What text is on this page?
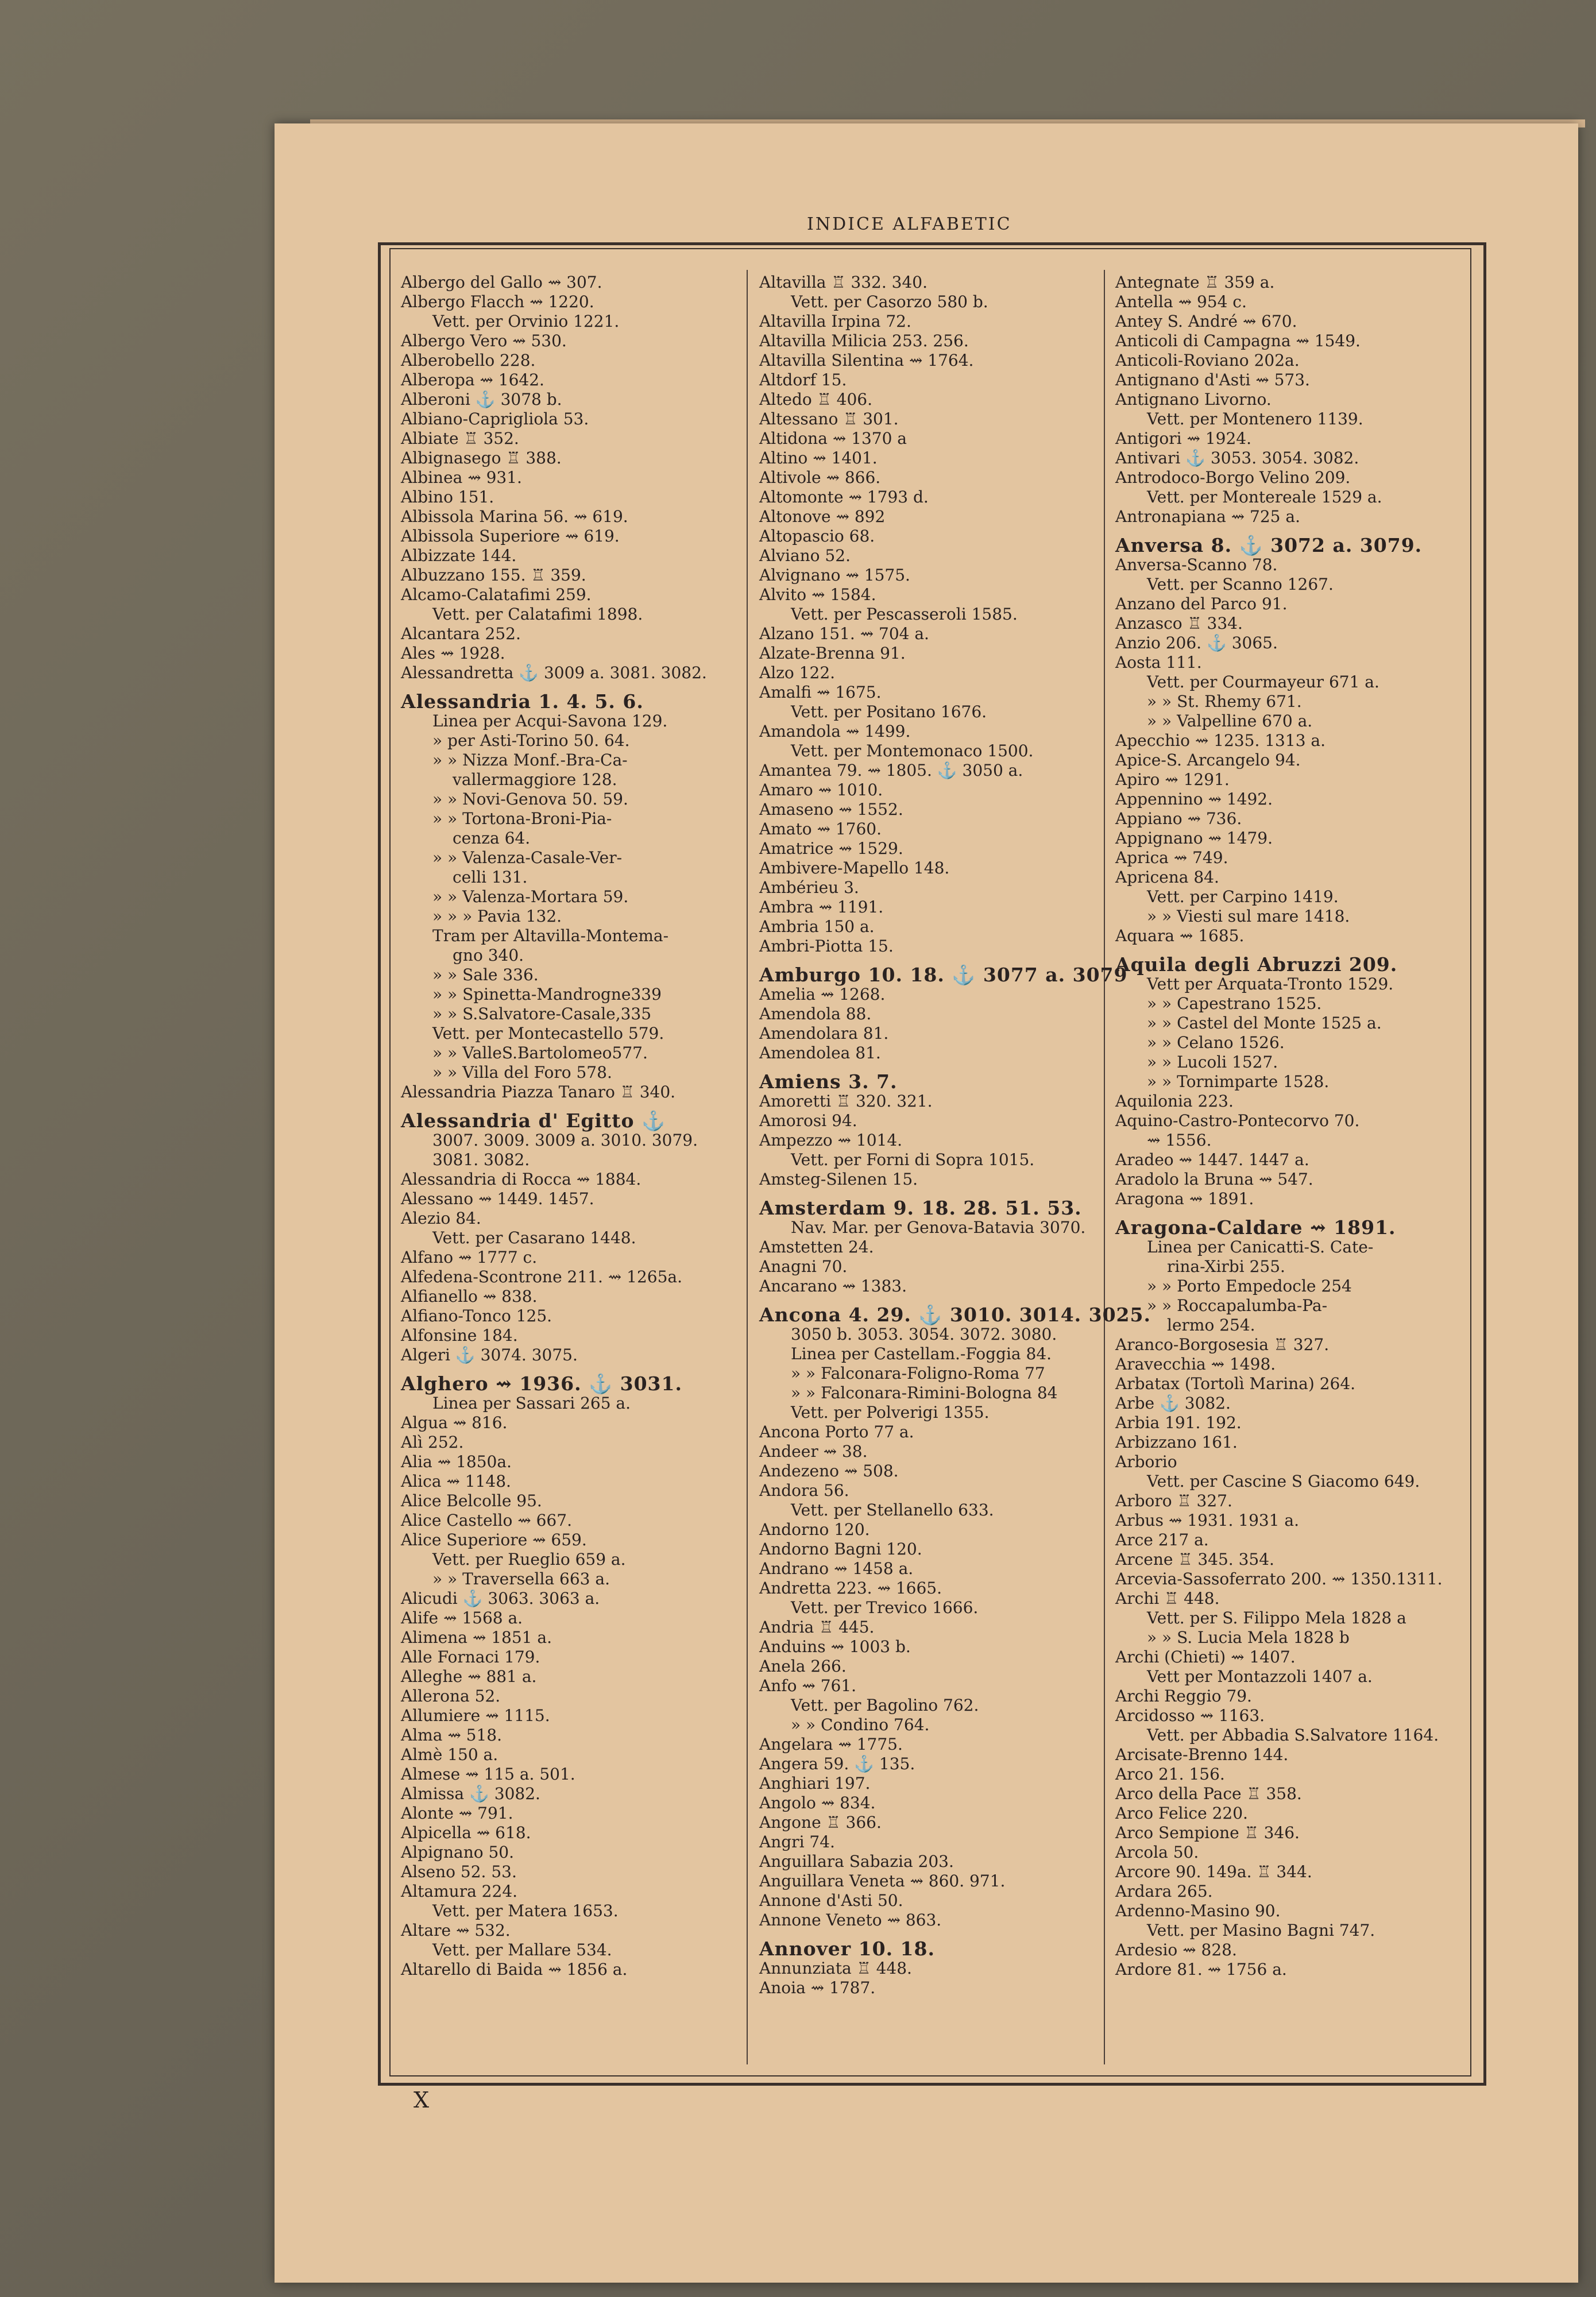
INDICE ALFABETIC
Albergo del Gallo ⇝ 307.
Albergo Flacch ⇝ 1220.
Vett. per Orvinio 1221.
Albergo Vero ⇝ 530.
Alberobello 228.
Alberopa ⇝ 1642.
Alberoni ⚓ 3078 b.
Albiano-Caprigliola 53.
Albiate ♖ 352.
Albignasego ♖ 388.
Albinea ⇝ 931.
Albino 151.
Albissola Marina 56. ⇝ 619.
Albissola Superiore ⇝ 619.
Albizzate 144.
Albuzzano 155. ♖ 359.
Alcamo-Calatafimi 259.
Vett. per Calatafimi 1898.
Alcantara 252.
Ales ⇝ 1928.
Alessandretta ⚓ 3009 a. 3081. 3082.
Alessandria 1. 4. 5. 6.
Linea per Acqui-Savona 129.
» per Asti-Torino 50. 64.
» » Nizza Monf.-Bra-Ca-
vallermaggiore 128.
» » Novi-Genova 50. 59.
» » Tortona-Broni-Pia-
cenza 64.
» » Valenza-Casale-Ver-
celli 131.
» » Valenza-Mortara 59.
» » » Pavia 132.
Tram per Altavilla-Montema-
gno 340.
» » Sale 336.
» » Spinetta-Mandrogne339
» » S.Salvatore-Casale,335
Vett. per Montecastello 579.
» » ValleS.Bartolomeo577.
» » Villa del Foro 578.
Alessandria Piazza Tanaro ♖ 340.
Alessandria d' Egitto ⚓
3007. 3009. 3009 a. 3010. 3079.
3081. 3082.
Alessandria di Rocca ⇝ 1884.
Alessano ⇝ 1449. 1457.
Alezio 84.
Vett. per Casarano 1448.
Alfano ⇝ 1777 c.
Alfedena-Scontrone 211. ⇝ 1265a.
Alfianello ⇝ 838.
Alfiano-Tonco 125.
Alfonsine 184.
Algeri ⚓ 3074. 3075.
Alghero ⇝ 1936. ⚓ 3031.
Linea per Sassari 265 a.
Algua ⇝ 816.
Alì 252.
Alia ⇝ 1850a.
Alica ⇝ 1148.
Alice Belcolle 95.
Alice Castello ⇝ 667.
Alice Superiore ⇝ 659.
Vett. per Rueglio 659 a.
» » Traversella 663 a.
Alicudi ⚓ 3063. 3063 a.
Alife ⇝ 1568 a.
Alimena ⇝ 1851 a.
Alle Fornaci 179.
Alleghe ⇝ 881 a.
Allerona 52.
Allumiere ⇝ 1115.
Alma ⇝ 518.
Almè 150 a.
Almese ⇝ 115 a. 501.
Almissa ⚓ 3082.
Alonte ⇝ 791.
Alpicella ⇝ 618.
Alpignano 50.
Alseno 52. 53.
Altamura 224.
Vett. per Matera 1653.
Altare ⇝ 532.
Vett. per Mallare 534.
Altarello di Baida ⇝ 1856 a.
Altavilla ♖ 332. 340.
Vett. per Casorzo 580 b.
Altavilla Irpina 72.
Altavilla Milicia 253. 256.
Altavilla Silentina ⇝ 1764.
Altdorf 15.
Altedo ♖ 406.
Altessano ♖ 301.
Altidona ⇝ 1370 a
Altino ⇝ 1401.
Altivole ⇝ 866.
Altomonte ⇝ 1793 d.
Altonove ⇝ 892
Altopascio 68.
Alviano 52.
Alvignano ⇝ 1575.
Alvito ⇝ 1584.
Vett. per Pescasseroli 1585.
Alzano 151. ⇝ 704 a.
Alzate-Brenna 91.
Alzo 122.
Amalfi ⇝ 1675.
Vett. per Positano 1676.
Amandola ⇝ 1499.
Vett. per Montemonaco 1500.
Amantea 79. ⇝ 1805. ⚓ 3050 a.
Amaro ⇝ 1010.
Amaseno ⇝ 1552.
Amato ⇝ 1760.
Amatrice ⇝ 1529.
Ambivere-Mapello 148.
Ambérieu 3.
Ambra ⇝ 1191.
Ambria 150 a.
Ambri-Piotta 15.
Amburgo 10. 18. ⚓ 3077 a. 3079
Amelia ⇝ 1268.
Amendola 88.
Amendolara 81.
Amendolea 81.
Amiens 3. 7.
Amoretti ♖ 320. 321.
Amorosi 94.
Ampezzo ⇝ 1014.
Vett. per Forni di Sopra 1015.
Amsteg-Silenen 15.
Amsterdam 9. 18. 28. 51. 53.
Nav. Mar. per Genova-Batavia 3070.
Amstetten 24.
Anagni 70.
Ancarano ⇝ 1383.
Ancona 4. 29. ⚓ 3010. 3014. 3025.
3050 b. 3053. 3054. 3072. 3080.
Linea per Castellam.-Foggia 84.
» » Falconara-Foligno-Roma 77
» » Falconara-Rimini-Bologna 84
Vett. per Polverigi 1355.
Ancona Porto 77 a.
Andeer ⇝ 38.
Andezeno ⇝ 508.
Andora 56.
Vett. per Stellanello 633.
Andorno 120.
Andorno Bagni 120.
Andrano ⇝ 1458 a.
Andretta 223. ⇝ 1665.
Vett. per Trevico 1666.
Andria ♖ 445.
Anduins ⇝ 1003 b.
Anela 266.
Anfo ⇝ 761.
Vett. per Bagolino 762.
» » Condino 764.
Angelara ⇝ 1775.
Angera 59. ⚓ 135.
Anghiari 197.
Angolo ⇝ 834.
Angone ♖ 366.
Angri 74.
Anguillara Sabazia 203.
Anguillara Veneta ⇝ 860. 971.
Annone d'Asti 50.
Annone Veneto ⇝ 863.
Annover 10. 18.
Annunziata ♖ 448.
Anoia ⇝ 1787.
Antegnate ♖ 359 a.
Antella ⇝ 954 c.
Antey S. André ⇝ 670.
Anticoli di Campagna ⇝ 1549.
Anticoli-Roviano 202a.
Antignano d'Asti ⇝ 573.
Antignano Livorno.
Vett. per Montenero 1139.
Antigori ⇝ 1924.
Antivari ⚓ 3053. 3054. 3082.
Antrodoco-Borgo Velino 209.
Vett. per Montereale 1529 a.
Antronapiana ⇝ 725 a.
Anversa 8. ⚓ 3072 a. 3079.
Anversa-Scanno 78.
Vett. per Scanno 1267.
Anzano del Parco 91.
Anzasco ♖ 334.
Anzio 206. ⚓ 3065.
Aosta 111.
Vett. per Courmayeur 671 a.
» » St. Rhemy 671.
» » Valpelline 670 a.
Apecchio ⇝ 1235. 1313 a.
Apice-S. Arcangelo 94.
Apiro ⇝ 1291.
Appennino ⇝ 1492.
Appiano ⇝ 736.
Appignano ⇝ 1479.
Aprica ⇝ 749.
Apricena 84.
Vett. per Carpino 1419.
» » Viesti sul mare 1418.
Aquara ⇝ 1685.
Aquila degli Abruzzi 209.
Vett per Arquata-Tronto 1529.
» » Capestrano 1525.
» » Castel del Monte 1525 a.
» » Celano 1526.
» » Lucoli 1527.
» » Tornimparte 1528.
Aquilonia 223.
Aquino-Castro-Pontecorvo 70.
⇝ 1556.
Aradeo ⇝ 1447. 1447 a.
Aradolo la Bruna ⇝ 547.
Aragona ⇝ 1891.
Aragona-Caldare ⇝ 1891.
Linea per Canicatti-S. Cate-
rina-Xirbi 255.
» » Porto Empedocle 254
» » Roccapalumba-Pa-
lermo 254.
Aranco-Borgosesia ♖ 327.
Aravecchia ⇝ 1498.
Arbatax (Tortolì Marina) 264.
Arbe ⚓ 3082.
Arbia 191. 192.
Arbizzano 161.
Arborio
Vett. per Cascine S Giacomo 649.
Arboro ♖ 327.
Arbus ⇝ 1931. 1931 a.
Arce 217 a.
Arcene ♖ 345. 354.
Arcevia-Sassoferrato 200. ⇝ 1350.1311.
Archi ♖ 448.
Vett. per S. Filippo Mela 1828 a
» » S. Lucia Mela 1828 b
Archi (Chieti) ⇝ 1407.
Vett per Montazzoli 1407 a.
Archi Reggio 79.
Arcidosso ⇝ 1163.
Vett. per Abbadia S.Salvatore 1164.
Arcisate-Brenno 144.
Arco 21. 156.
Arco della Pace ♖ 358.
Arco Felice 220.
Arco Sempione ♖ 346.
Arcola 50.
Arcore 90. 149a. ♖ 344.
Ardara 265.
Ardenno-Masino 90.
Vett. per Masino Bagni 747.
Ardesio ⇝ 828.
Ardore 81. ⇝ 1756 a.
X
